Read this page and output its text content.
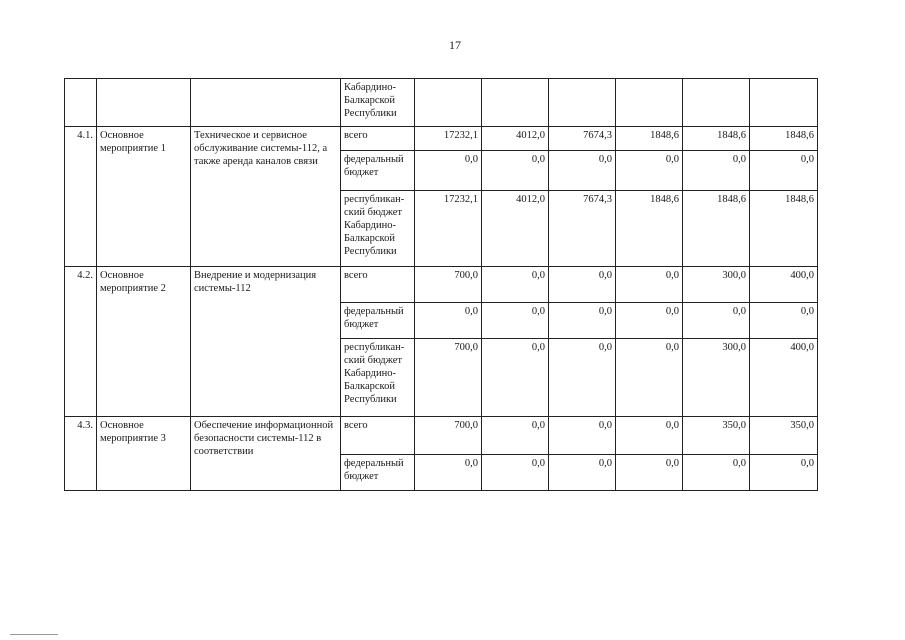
17
			Кабардино-Балкарской Республики						
4.1.	Основное мероприятие 1	Техническое и сервисное обслуживание системы-112, а также аренда каналов связи	всего	17232,1	4012,0	7674,3	1848,6	1848,6	1848,6
			федеральный бюджет	0,0	0,0	0,0	0,0	0,0	0,0
			республикан-ский бюджет Кабардино-Балкарской Республики	17232,1	4012,0	7674,3	1848,6	1848,6	1848,6
4.2.	Основное мероприятие 2	Внедрение и модернизация системы-112	всего	700,0	0,0	0,0	0,0	300,0	400,0
			федеральный бюджет	0,0	0,0	0,0	0,0	0,0	0,0
			республикан-ский бюджет Кабардино-Балкарской Республики	700,0	0,0	0,0	0,0	300,0	400,0
4.3.	Основное мероприятие 3	Обеспечение информационной безопасности системы-112 в соответствии	всего	700,0	0,0	0,0	0,0	350,0	350,0
			федеральный бюджет	0,0	0,0	0,0	0,0	0,0	0,0
